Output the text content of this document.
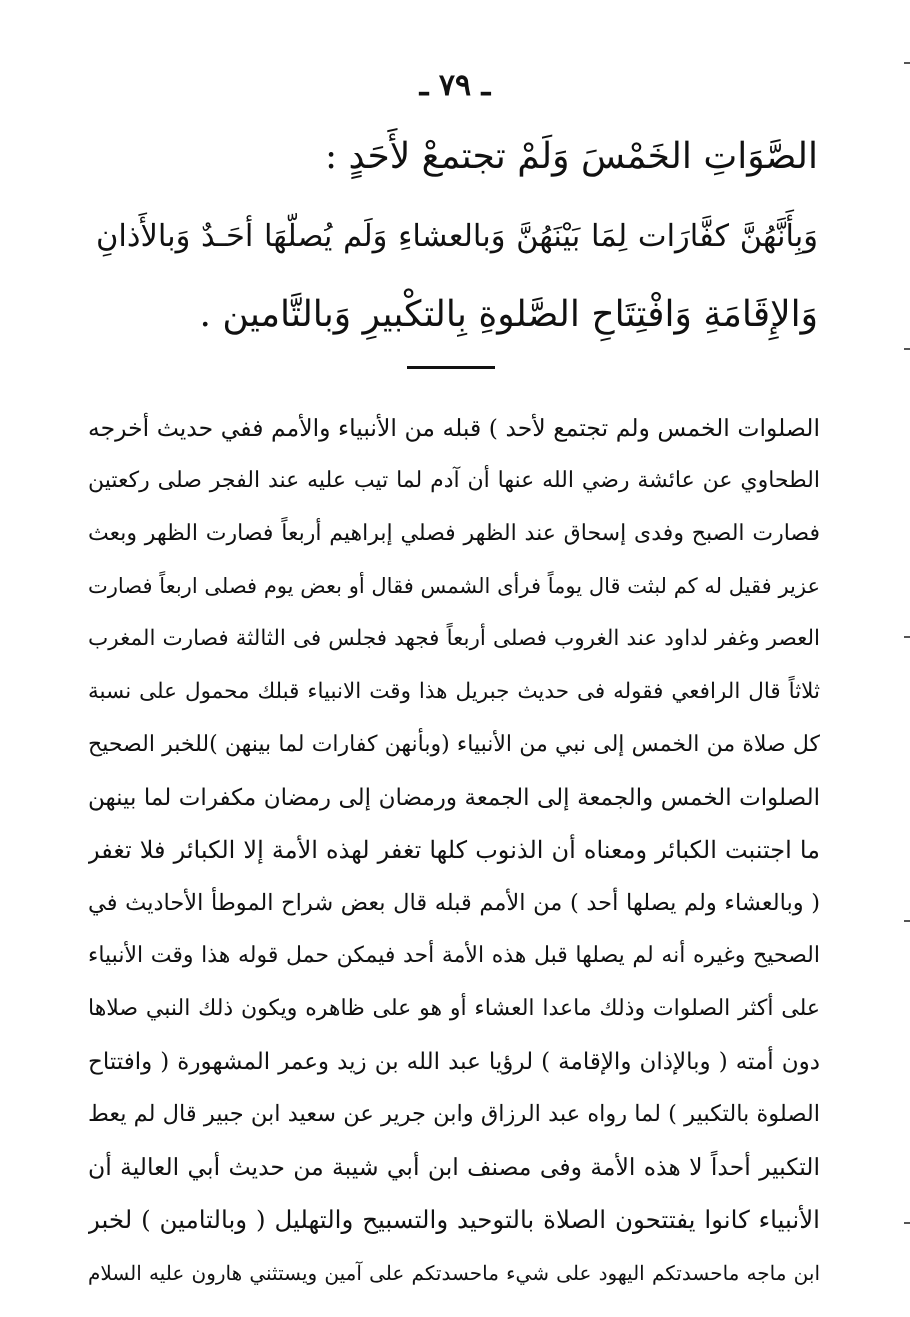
ـ ٧٩ ـ
الصَّوَاتِ الخَمْسَ وَلَمْ تجتمعْ لأَحَدٍ :
وَبِأَنَّهُنَّ كفَّارَات لِمَا بَيْنَهُنَّ وَبالعشاءِ وَلَم يُصلّهَا أحَـدٌ وَبالأَذانِ
وَالإِقَامَةِ وَافْتِتَاحِ الصَّلوةِ بِالتكْبيرِ وَبالتَّامين .
الصلوات الخمس ولم تجتمع لأحد ) قبله من الأنبياء والأمم ففي حديث أخرجه
الطحاوي عن عائشة رضي الله عنها أن آدم لما تيب عليه عند الفجر صلى ركعتين
فصارت الصبح وفدى إسحاق عند الظهر فصلي إبراهيم أربعاً فصارت الظهر وبعث
عزير فقيل له كم لبثت قال يوماً فرأى الشمس فقال أو بعض يوم فصلى اربعاً فصارت
العصر وغفر لداود عند الغروب فصلى أربعاً فجهد فجلس فى الثالثة فصارت المغرب
ثلاثاً قال الرافعي فقوله فى حديث جبريل هذا وقت الانبياء قبلك محمول على نسبة
كل صلاة من الخمس إلى نبي من الأنبياء (وبأنهن كفارات لما بينهن )للخبر الصحيح
الصلوات الخمس والجمعة إلى الجمعة ورمضان إلى رمضان مكفرات لما بينهن
ما اجتنبت الكبائر ومعناه أن الذنوب كلها تغفر لهذه الأمة إلا الكبائر فلا تغفر
( وبالعشاء ولم يصلها أحد ) من الأمم قبله قال بعض شراح الموطأ الأحاديث في
الصحيح وغيره أنه لم يصلها قبل هذه الأمة أحد فيمكن حمل قوله هذا وقت الأنبياء
على أكثر الصلوات وذلك ماعدا العشاء أو هو على ظاهره ويكون ذلك النبي صلاها
دون أمته ( وبالإذان والإقامة ) لرؤيا عبد الله بن زيد وعمر المشهورة ( وافتتاح
الصلوة بالتكبير ) لما رواه عبد الرزاق وابن جرير عن سعيد ابن جبير قال لم يعط
التكبير أحداً لا هذه الأمة وفى مصنف ابن أبي شيبة من حديث أبي العالية أن
الأنبياء كانوا يفتتحون الصلاة بالتوحيد والتسبيح والتهليل ( وبالتامين ) لخبر
ابن ماجه ماحسدتكم اليهود على شيء ماحسدتكم على آمين ويستثني هارون عليه السلام
